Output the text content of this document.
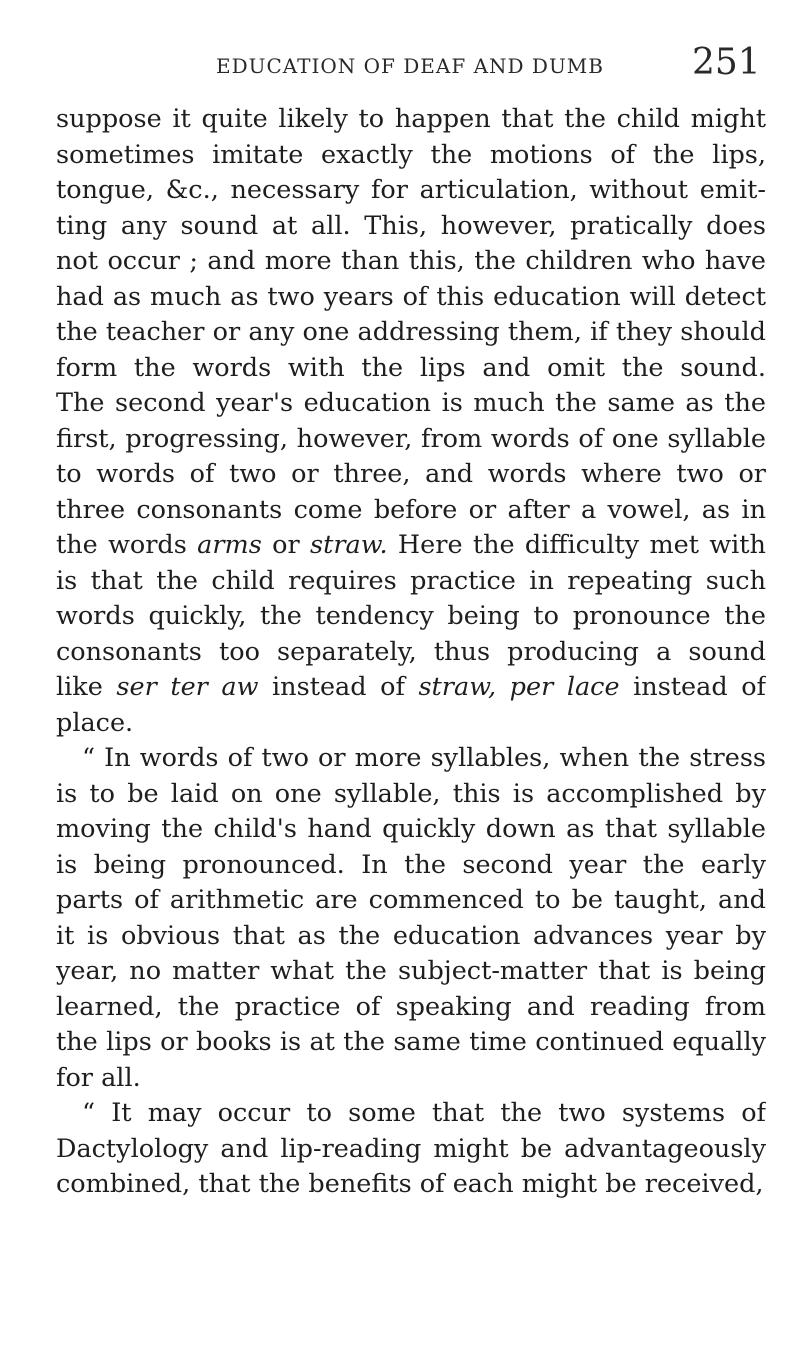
EDUCATION OF DEAF AND DUMB 251
suppose it quite likely to happen that the child might
sometimes imitate exactly the motions of the lips,
tongue, &c., necessary for articulation, without emit-
ting any sound at all. This, however, pratically does
not occur ; and more than this, the children who have
had as much as two years of this education will detect
the teacher or any one addressing them, if they should
form the words with the lips and omit the sound.
The second year's education is much the same as the
first, progressing, however, from words of one syllable
to words of two or three, and words where two or
three consonants come before or after a vowel, as in
the words arms or straw. Here the difficulty met with
is that the child requires practice in repeating such
words quickly, the tendency being to pronounce the
consonants too separately, thus producing a sound
like ser ter aw instead of straw, per lace instead of
place.
“ In words of two or more syllables, when the stress
is to be laid on one syllable, this is accomplished by
moving the child's hand quickly down as that syllable
is being pronounced. In the second year the early
parts of arithmetic are commenced to be taught, and
it is obvious that as the education advances year by
year, no matter what the subject-matter that is being
learned, the practice of speaking and reading from
the lips or books is at the same time continued equally
for all.
“ It may occur to some that the two systems of
Dactylology and lip-reading might be advantageously
combined, that the benefits of each might be received,
